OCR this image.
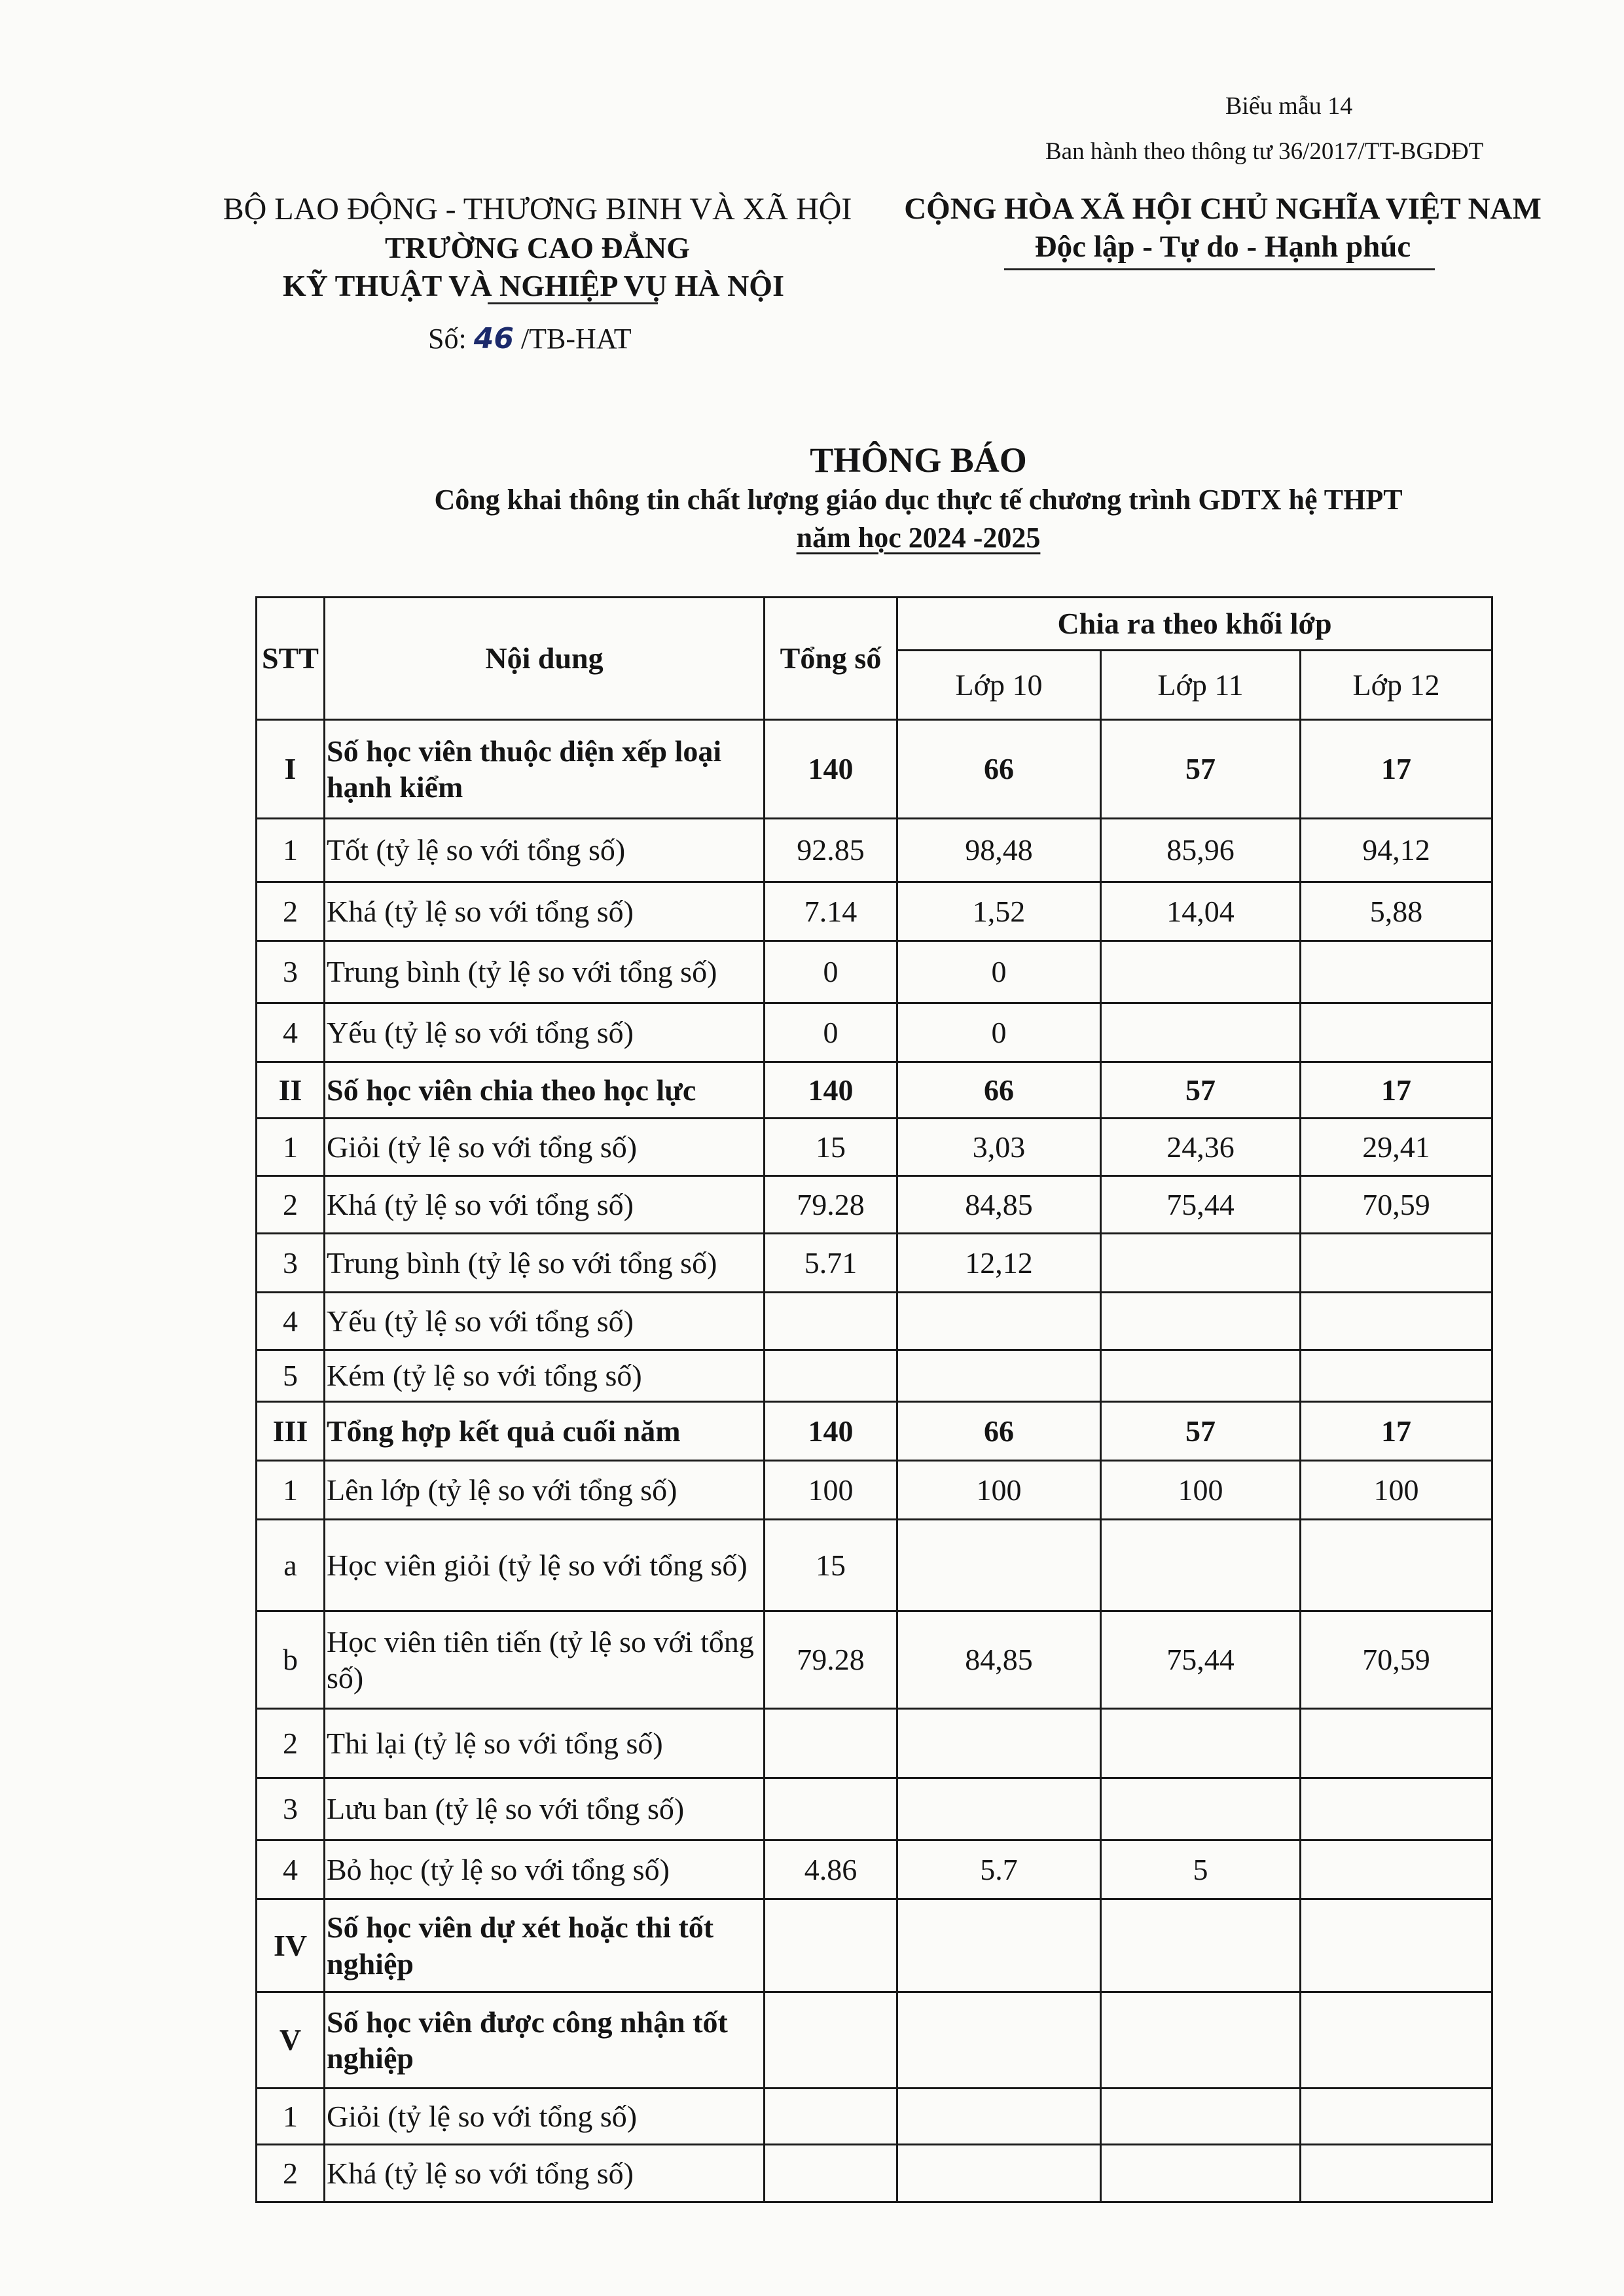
Biểu mẫu 14
Ban hành theo thông tư 36/2017/TT-BGDĐT
BỘ LAO ĐỘNG - THƯƠNG BINH VÀ XÃ HỘI
TRƯỜNG CAO ĐẲNG
KỸ THUẬT VÀ NGHIỆP VỤ HÀ NỘI
Số: 46 /TB-HAT
CỘNG HÒA XÃ HỘI CHỦ NGHĨA VIỆT NAM
Độc lập - Tự do - Hạnh phúc
THÔNG BÁO
Công khai thông tin chất lượng giáo dục thực tế chương trình GDTX hệ THPT
năm học 2024 -2025
STT	Nội dung	Tổng số	Chia ra theo khối lớp		
			Lớp 10	Lớp 11	Lớp 12
I	Số học viên thuộc diện xếp loại hạnh kiểm	140	66	57	17
1	Tốt (tỷ lệ so với tổng số)	92.85	98,48	85,96	94,12
2	Khá (tỷ lệ so với tổng số)	7.14	1,52	14,04	5,88
3	Trung bình (tỷ lệ so với tổng số)	0	0		
4	Yếu (tỷ lệ so với tổng số)	0	0		
II	Số học viên chia theo học lực	140	66	57	17
1	Giỏi (tỷ lệ so với tổng số)	15	3,03	24,36	29,41
2	Khá (tỷ lệ so với tổng số)	79.28	84,85	75,44	70,59
3	Trung bình (tỷ lệ so với tổng số)	5.71	12,12		
4	Yếu (tỷ lệ so với tổng số)				
5	Kém (tỷ lệ so với tổng số)				
III	Tổng hợp kết quả cuối năm	140	66	57	17
1	Lên lớp (tỷ lệ so với tổng số)	100	100	100	100
a	Học viên giỏi (tỷ lệ so với tổng số)	15			
b	Học viên tiên tiến (tỷ lệ so với tổng số)	79.28	84,85	75,44	70,59
2	Thi lại (tỷ lệ so với tổng số)				
3	Lưu ban (tỷ lệ so với tổng số)				
4	Bỏ học (tỷ lệ so với tổng số)	4.86	5.7	5	
IV	Số học viên dự xét hoặc thi tốt nghiệp				
V	Số học viên được công nhận tốt nghiệp				
1	Giỏi (tỷ lệ so với tổng số)				
2	Khá (tỷ lệ so với tổng số)				
